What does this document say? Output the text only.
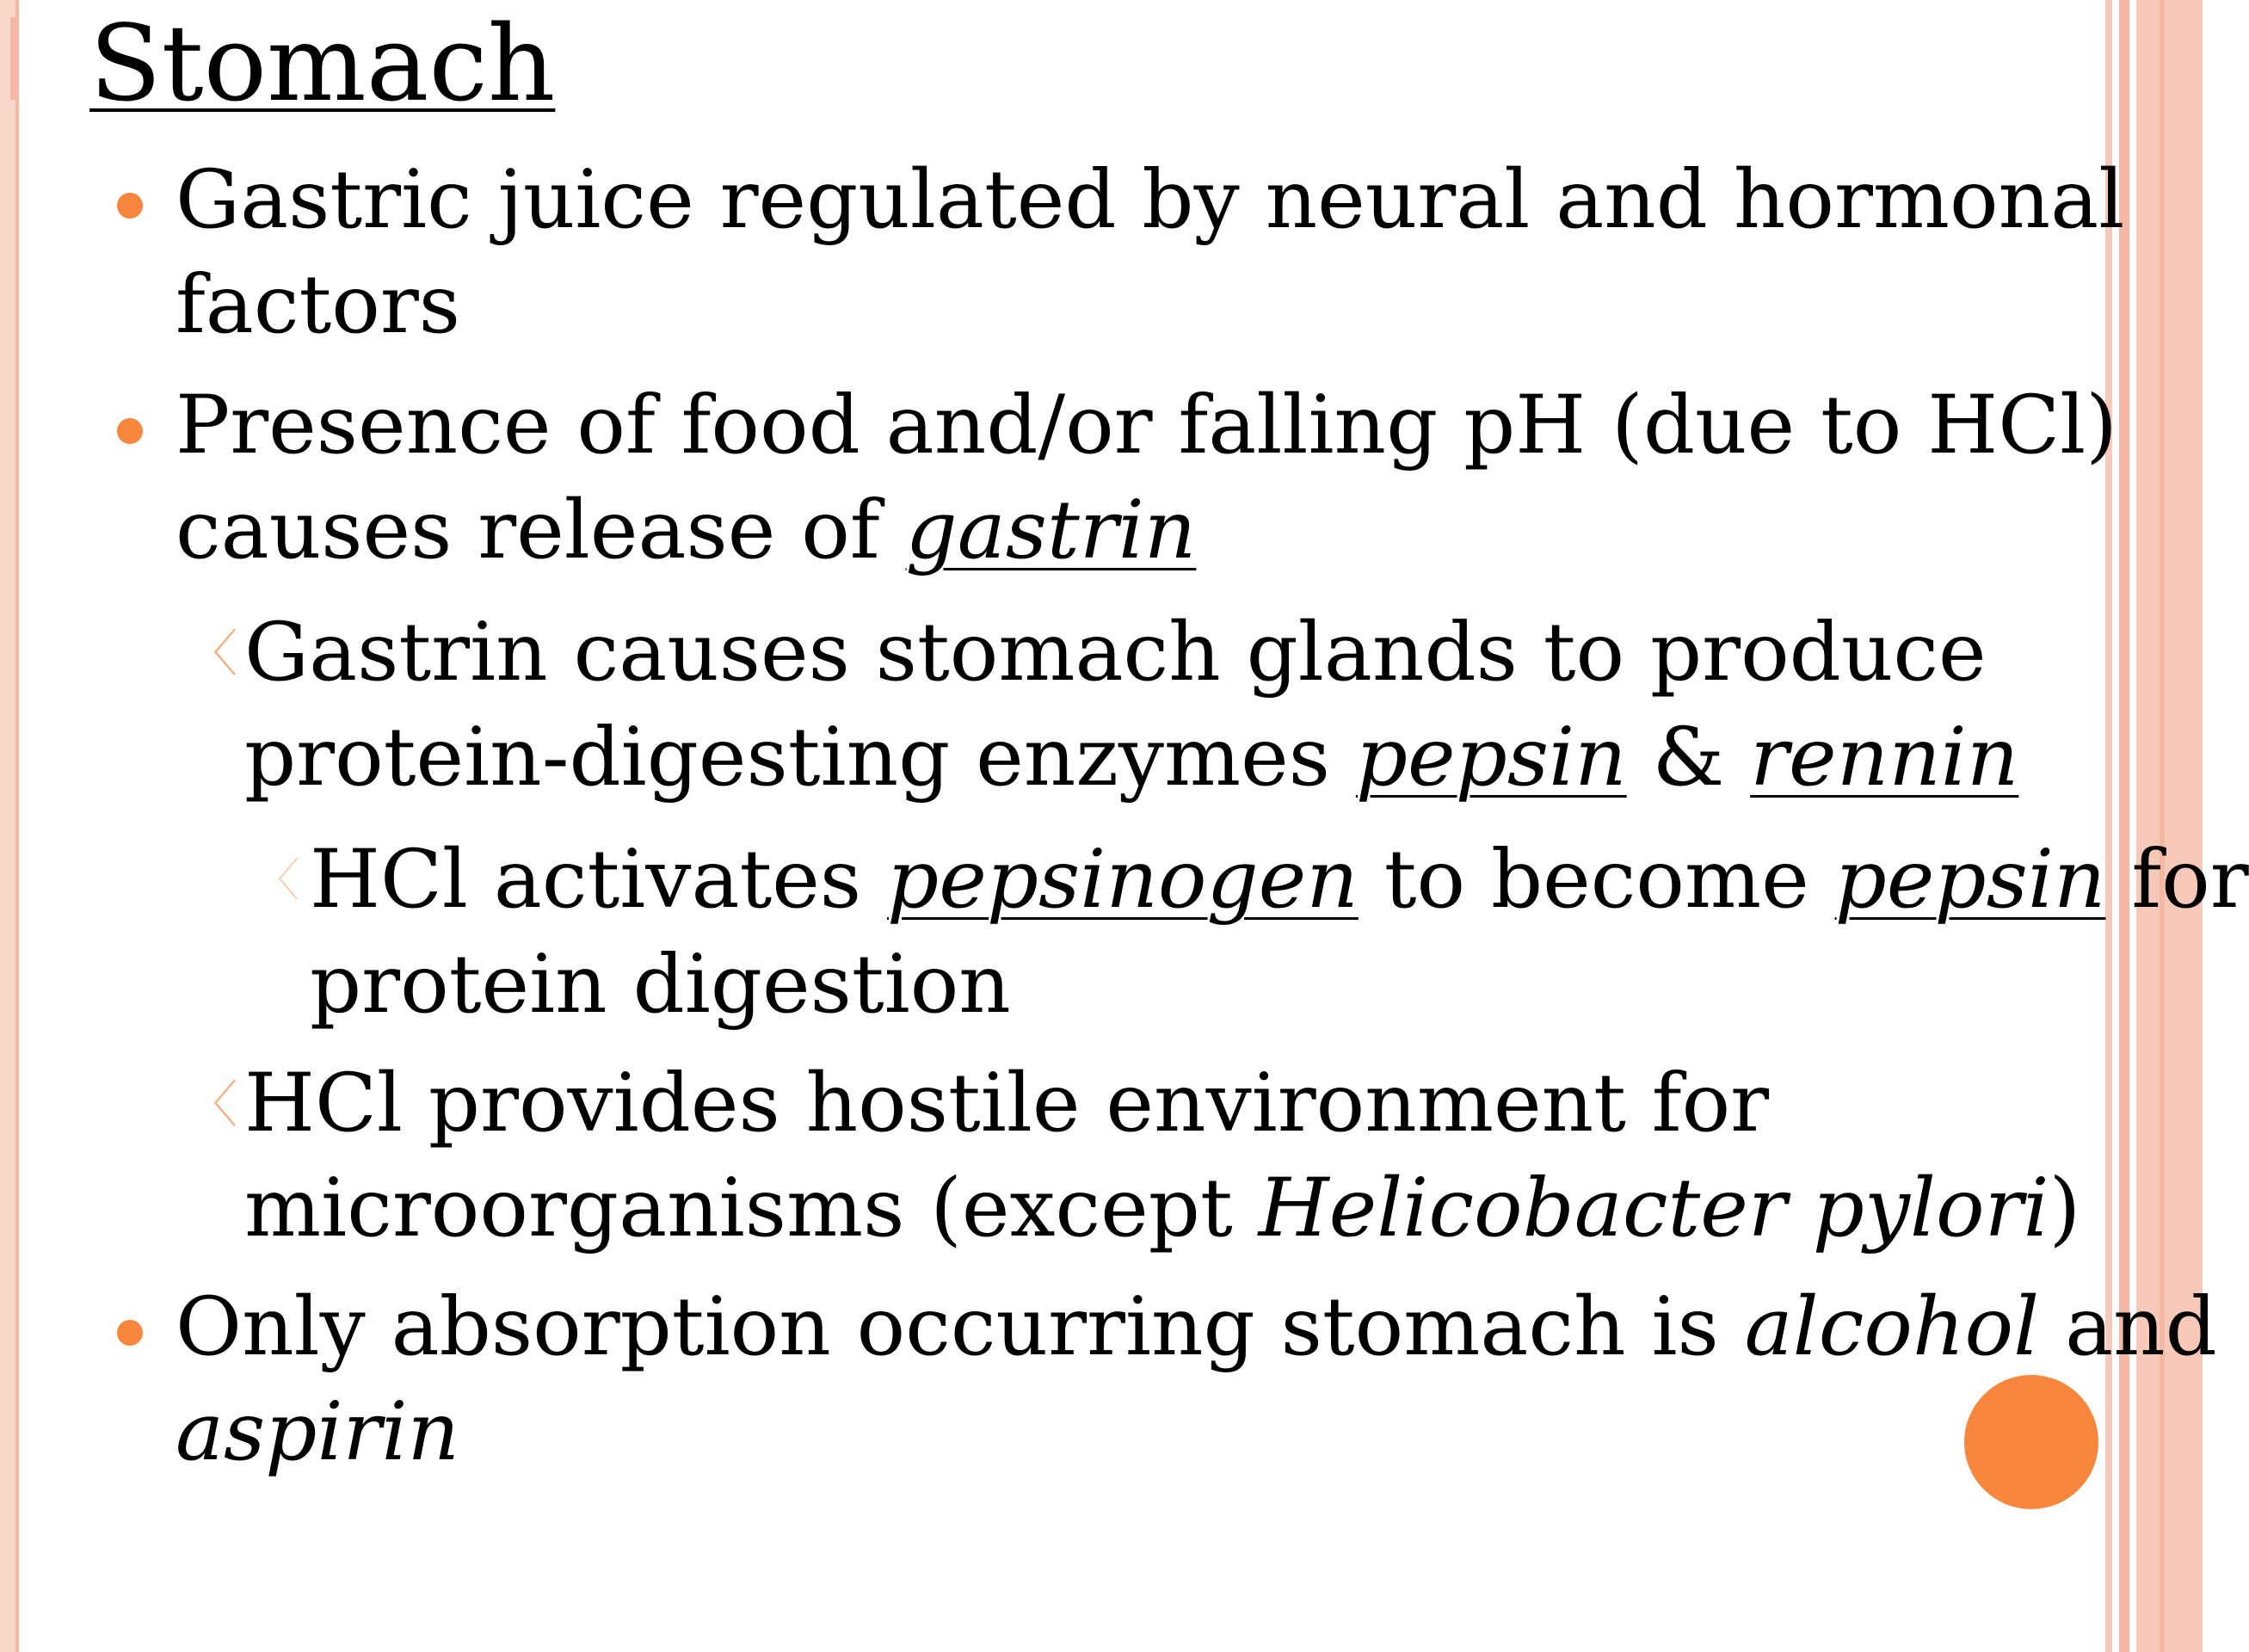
Stomach
Gastric juice regulated by neural and hormonal
factors
Presence of food and/or falling pH (due to HCl)
causes release of gastrin
〈 Gastrin causes stomach glands to produce
protein-digesting enzymes pepsin & rennin
〈 HCl activates pepsinogen to become pepsin for
protein digestion
〈 HCl provides hostile environment for
microorganisms (except Helicobacter pylori)
Only absorption occurring stomach is alcohol and
aspirin
